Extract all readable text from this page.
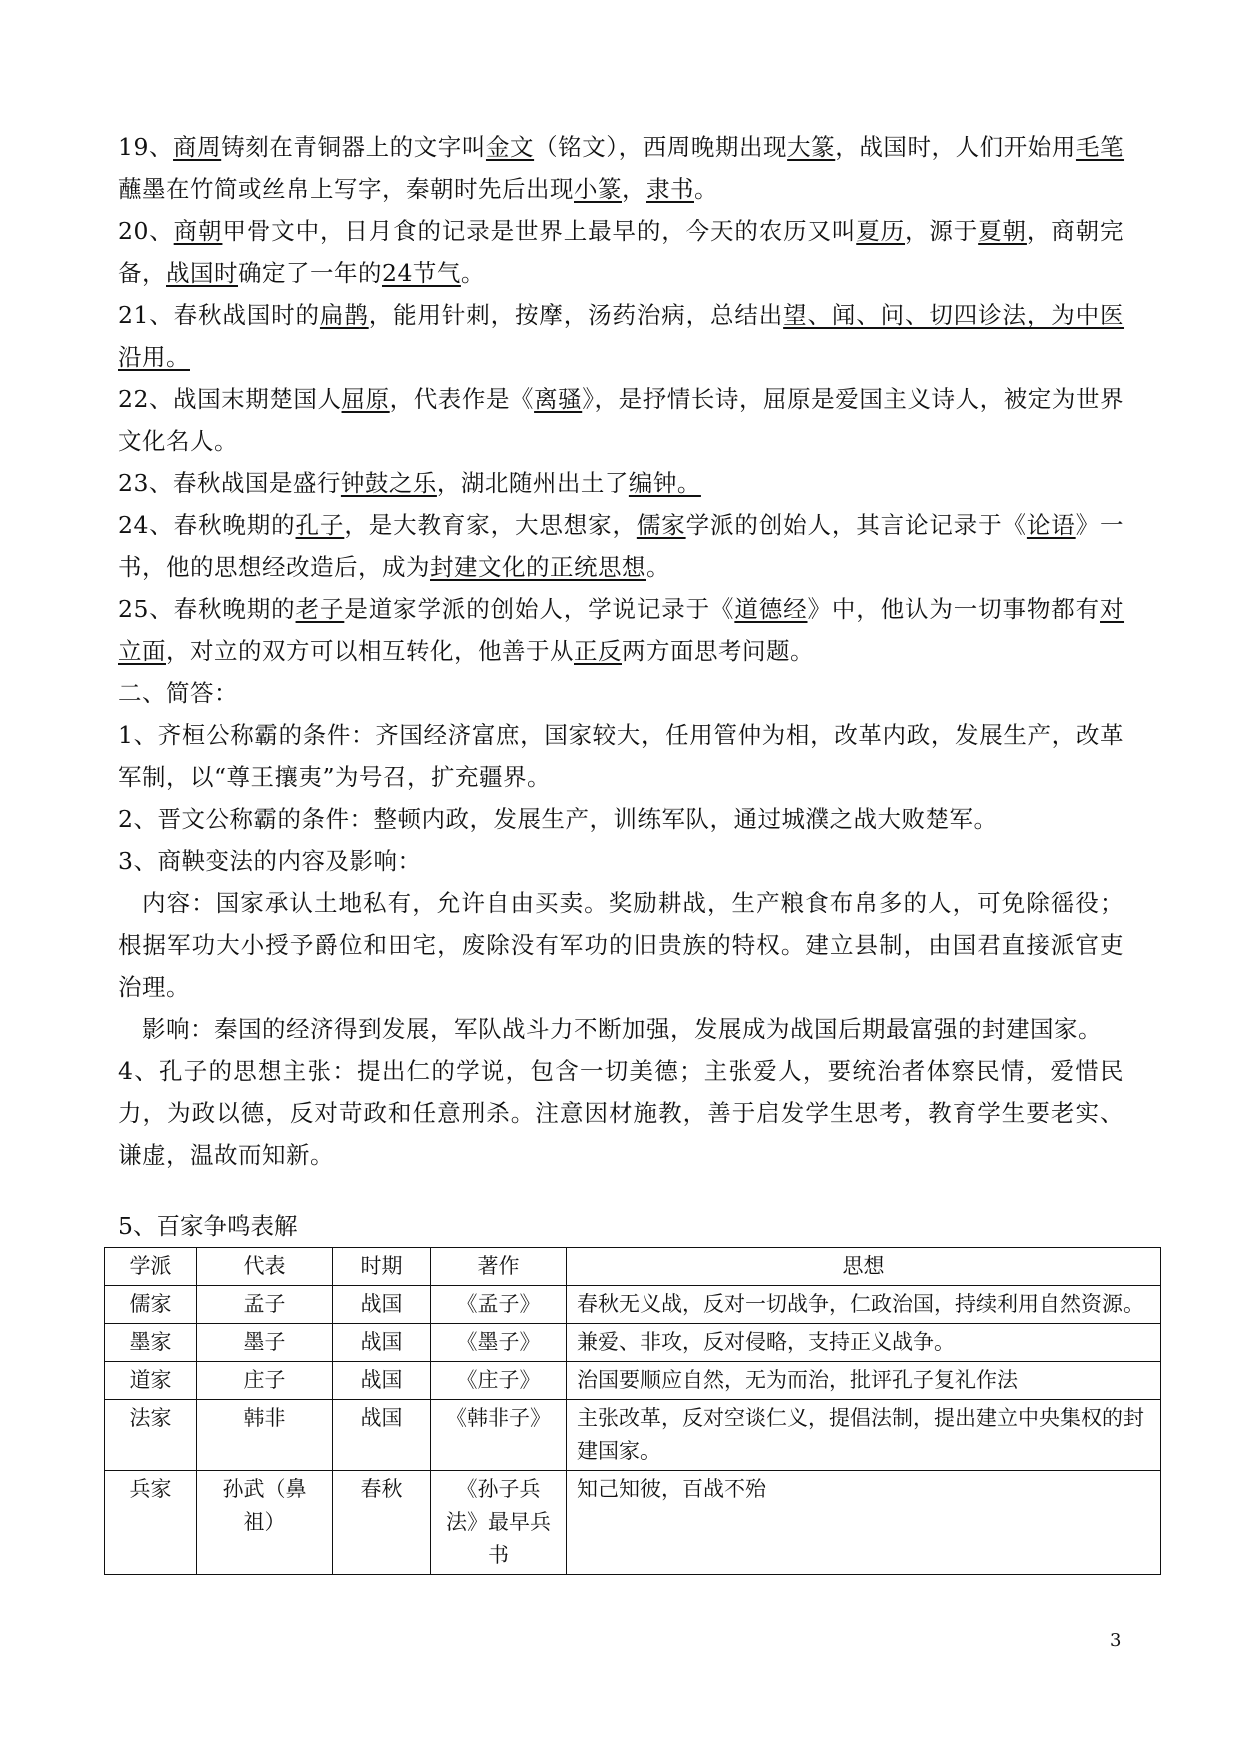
19、商周铸刻在青铜器上的文字叫金文（铭文），西周晚期出现大篆，战国时，人们开始用毛笔蘸墨在竹简或丝帛上写字，秦朝时先后出现小篆，隶书。

20、商朝甲骨文中，日月食的记录是世界上最早的，今天的农历又叫夏历，源于夏朝，商朝完备，战国时确定了一年的24节气。

21、春秋战国时的扁鹊，能用针刺，按摩，汤药治病，总结出望、闻、问、切四诊法，为中医沿用。

22、战国末期楚国人屈原，代表作是《离骚》，是抒情长诗，屈原是爱国主义诗人，被定为世界文化名人。

23、春秋战国是盛行钟鼓之乐，湖北随州出土了编钟。

24、春秋晚期的孔子，是大教育家，大思想家，儒家学派的创始人，其言论记录于《论语》一书，他的思想经改造后，成为封建文化的正统思想。

25、春秋晚期的老子是道家学派的创始人，学说记录于《道德经》中，他认为一切事物都有对立面，对立的双方可以相互转化，他善于从正反两方面思考问题。

二、简答：

1、齐桓公称霸的条件：齐国经济富庶，国家较大，任用管仲为相，改革内政，发展生产，改革军制，以“尊王攘夷”为号召，扩充疆界。

2、晋文公称霸的条件：整顿内政，发展生产，训练军队，通过城濮之战大败楚军。

3、商鞅变法的内容及影响：

内容：国家承认土地私有，允许自由买卖。奖励耕战，生产粮食布帛多的人，可免除徭役；根据军功大小授予爵位和田宅，废除没有军功的旧贵族的特权。建立县制，由国君直接派官吏治理。

影响：秦国的经济得到发展，军队战斗力不断加强，发展成为战国后期最富强的封建国家。

4、孔子的思想主张：提出仁的学说，包含一切美德；主张爱人，要统治者体察民情，爱惜民力，为政以德，反对苛政和任意刑杀。注意因材施教，善于启发学生思考，教育学生要老实、谦虚，温故而知新。

5、百家争鸣表解
学派	代表	时期	著作	思想
儒家	孟子	战国	《孟子》	春秋无义战，反对一切战争，仁政治国，持续利用自然资源。
墨家	墨子	战国	《墨子》	兼爱、非攻，反对侵略，支持正义战争。
道家	庄子	战国	《庄子》	治国要顺应自然，无为而治，批评孔子复礼作法
法家	韩非	战国	《韩非子》	主张改革，反对空谈仁义，提倡法制，提出建立中央集权的封建国家。
兵家	孙武（鼻祖）	春秋	《孙子兵法》最早兵书	知己知彼，百战不殆
3
